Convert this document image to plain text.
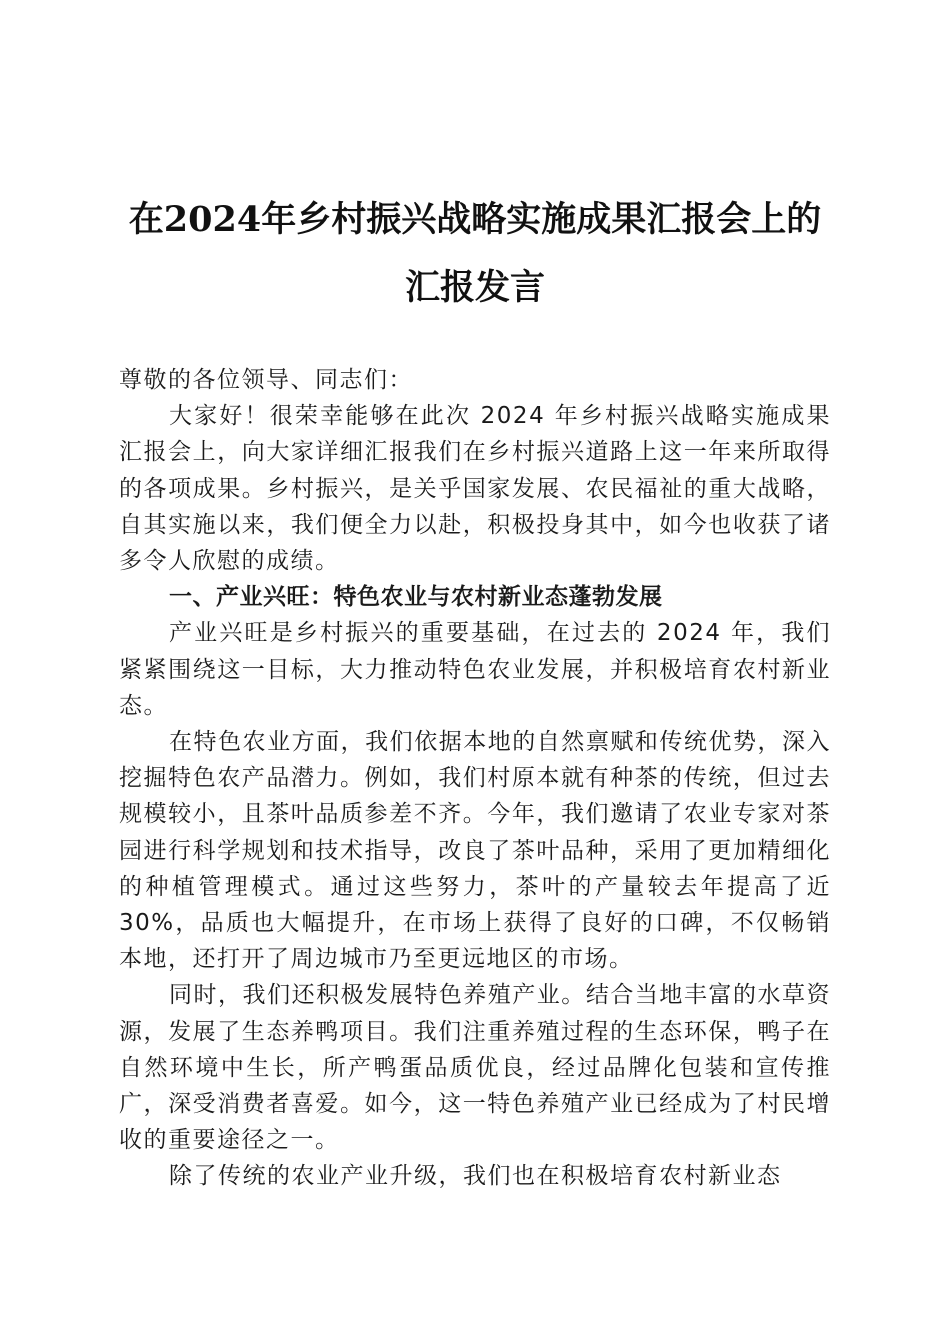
在2024年乡村振兴战略实施成果汇报会上的
汇报发言

尊敬的各位领导、同志们：

大家好！很荣幸能够在此次 2024 年乡村振兴战略实施成果汇报会上，向大家详细汇报我们在乡村振兴道路上这一年来所取得的各项成果。乡村振兴，是关乎国家发展、农民福祉的重大战略，自其实施以来，我们便全力以赴，积极投身其中，如今也收获了诸多令人欣慰的成绩。

一、产业兴旺：特色农业与农村新业态蓬勃发展

产业兴旺是乡村振兴的重要基础，在过去的 2024 年，我们紧紧围绕这一目标，大力推动特色农业发展，并积极培育农村新业态。

在特色农业方面，我们依据本地的自然禀赋和传统优势，深入挖掘特色农产品潜力。例如，我们村原本就有种茶的传统，但过去规模较小，且茶叶品质参差不齐。今年，我们邀请了农业专家对茶园进行科学规划和技术指导，改良了茶叶品种，采用了更加精细化的种植管理模式。通过这些努力，茶叶的产量较去年提高了近 30%，品质也大幅提升，在市场上获得了良好的口碑，不仅畅销本地，还打开了周边城市乃至更远地区的市场。

同时，我们还积极发展特色养殖产业。结合当地丰富的水草资源，发展了生态养鸭项目。我们注重养殖过程的生态环保，鸭子在自然环境中生长，所产鸭蛋品质优良，经过品牌化包装和宣传推广，深受消费者喜爱。如今，这一特色养殖产业已经成为了村民增收的重要途径之一。

除了传统的农业产业升级，我们也在积极培育农村新业态
